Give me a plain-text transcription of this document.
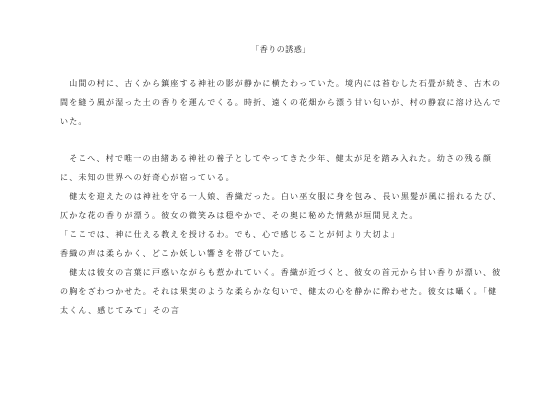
「香りの誘惑」

　山間の村に、古くから鎮座する神社の影が静かに横たわっていた。境内には苔むした石畳が続き、古木の間を縫う風が湿った土の香りを運んでくる。時折、遠くの花畑から漂う甘い匂いが、村の静寂に溶け込んでいた。

　そこへ、村で唯一の由緒ある神社の養子としてやってきた少年、健太が足を踏み入れた。幼さの残る顔に、未知の世界への好奇心が宿っている。

　健太を迎えたのは神社を守る一人娘、香織だった。白い巫女服に身を包み、長い黒髪が風に揺れるたび、仄かな花の香りが漂う。彼女の微笑みは穏やかで、その奥に秘めた情熱が垣間見えた。

「ここでは、神に仕える教えを授けるわ。でも、心で感じることが何より大切よ」

香織の声は柔らかく、どこか妖しい響きを帯びていた。

　健太は彼女の言葉に戸惑いながらも惹かれていく。香織が近づくと、彼女の首元から甘い香りが漂い、彼の胸をざわつかせた。それは果実のような柔らかな匂いで、健太の心を静かに酔わせた。彼女は囁く。「健太くん、感じてみて」その言
